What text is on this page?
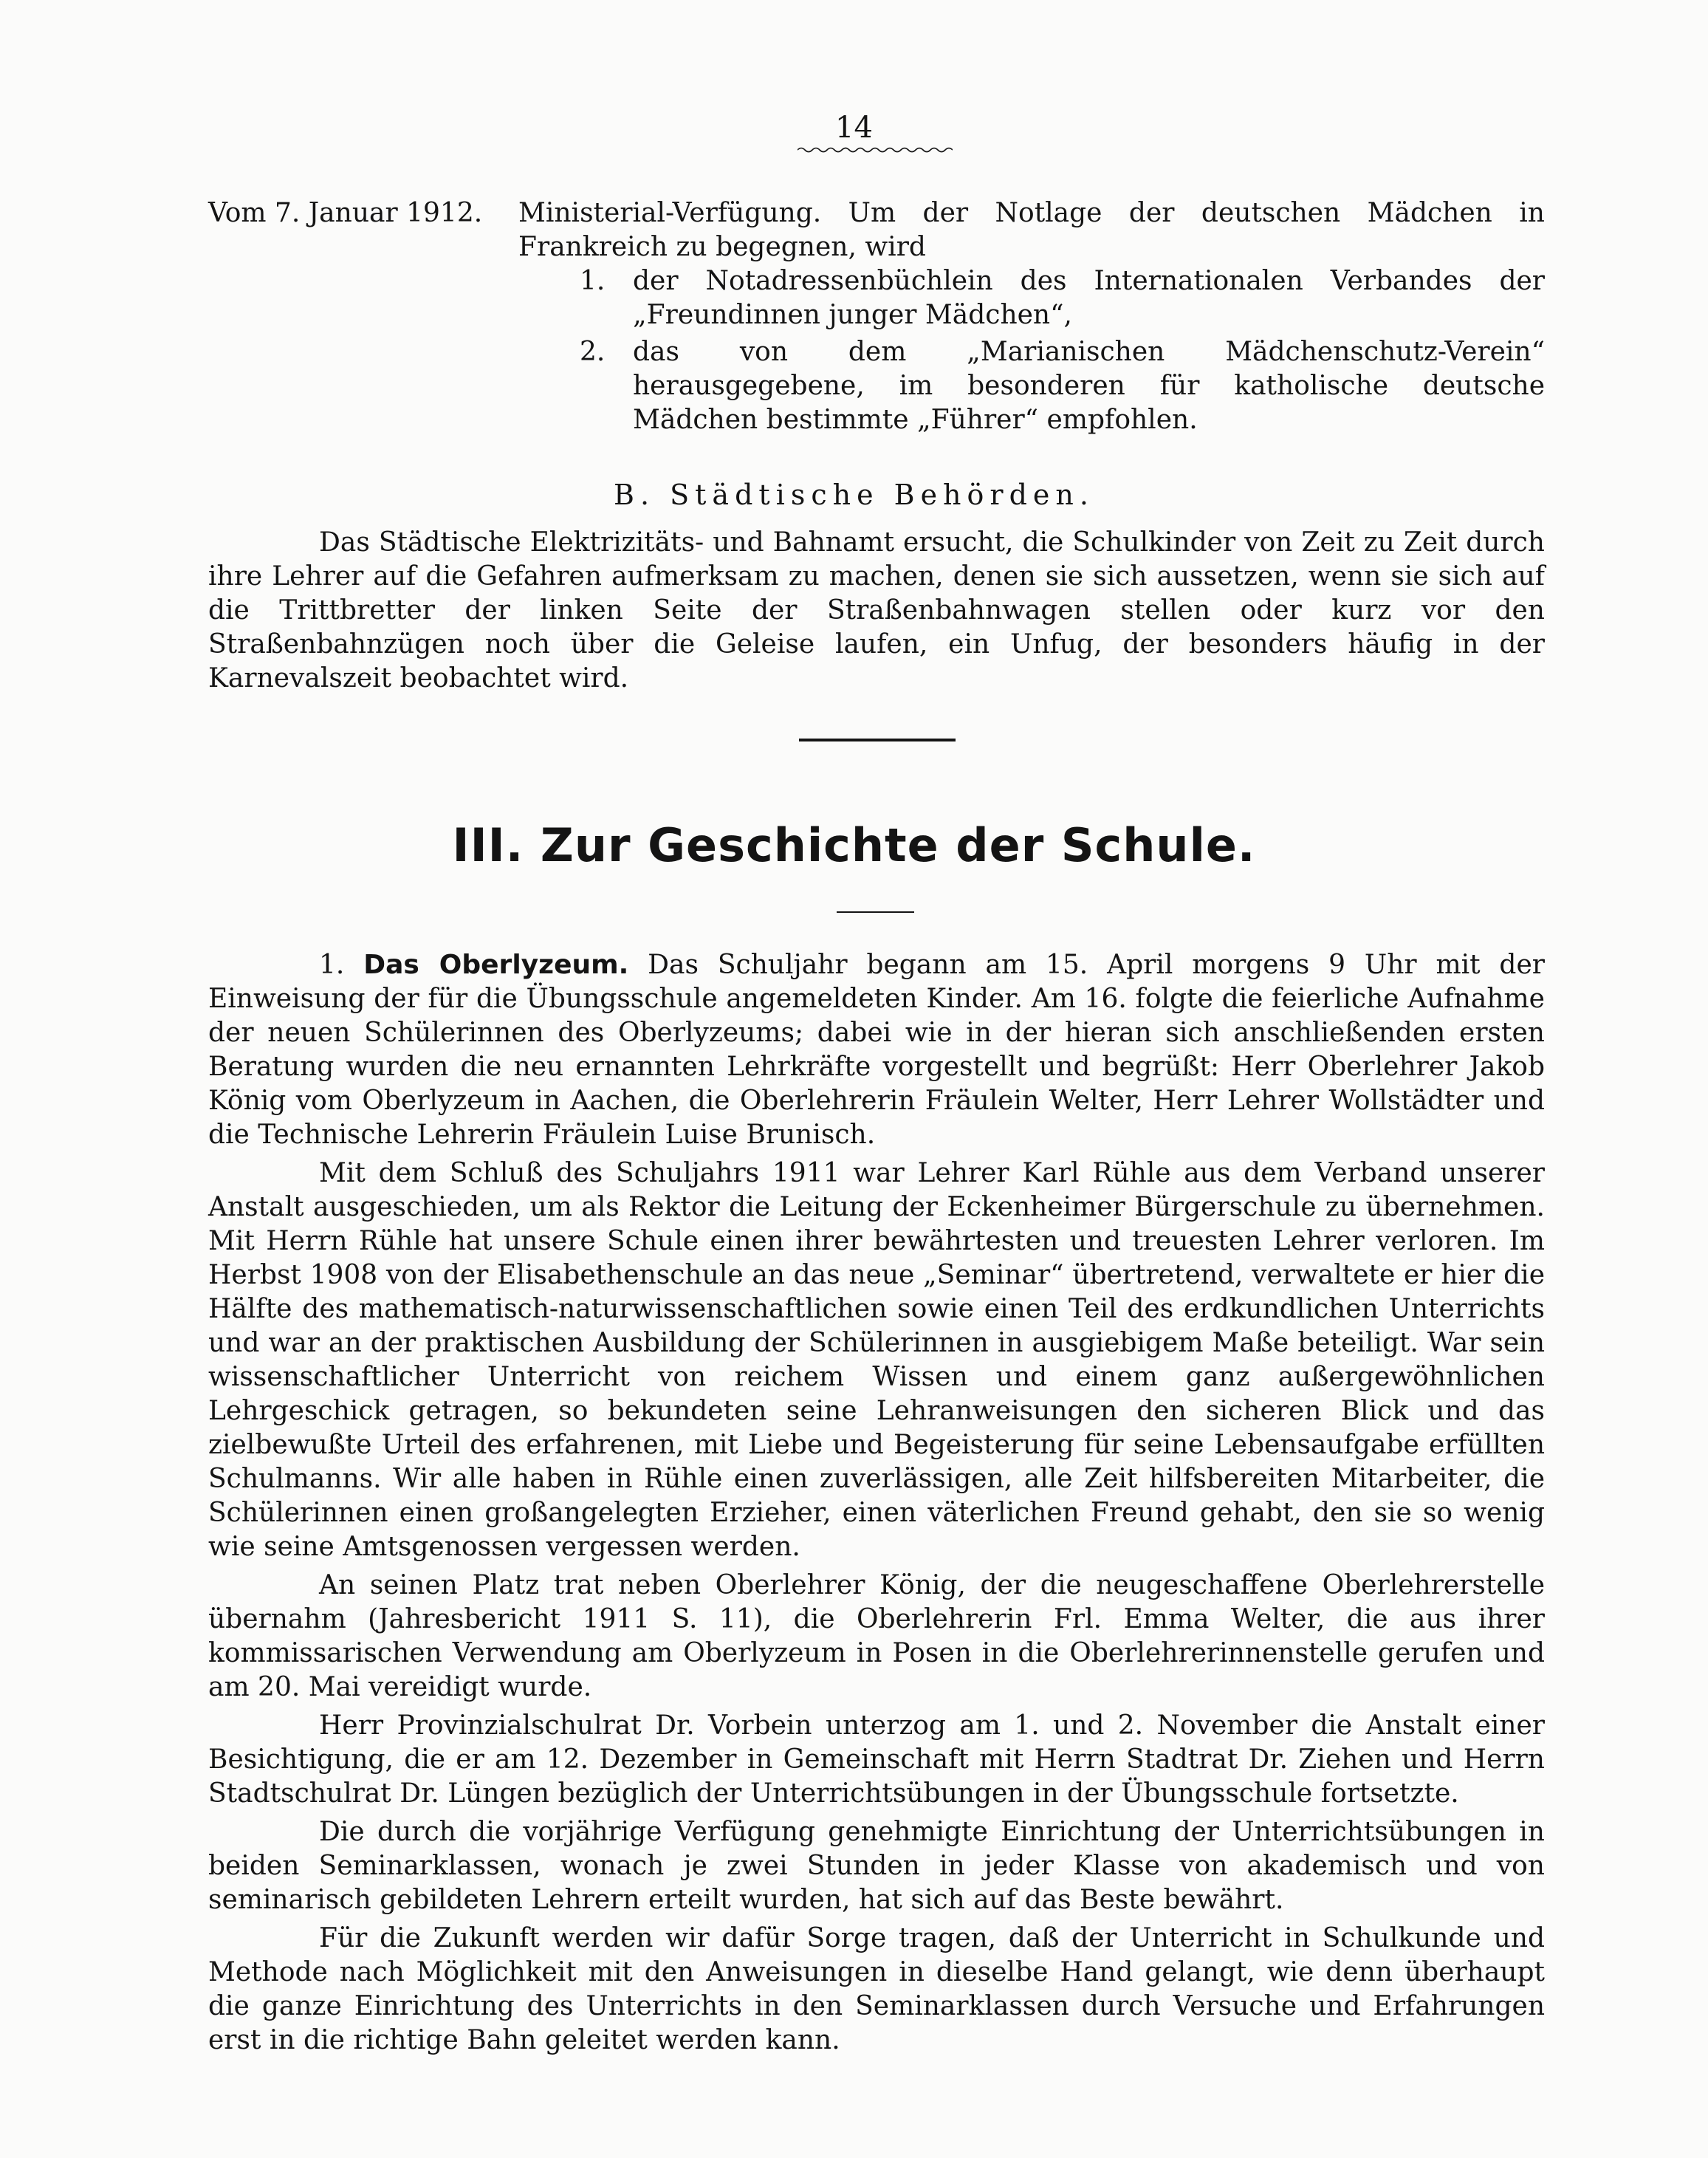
14
Vom 7. Januar 1912.	Ministerial-Verfügung. Um der Notlage der deutschen Mädchen in Frankreich zu begegnen, wird
1. der Notadressenbüchlein des Internationalen Verbandes der „Freundinnen junger Mädchen“,
2. das von dem „Marianischen Mädchenschutz-Verein“ herausgegebene, im besonderen für katholische deutsche Mädchen bestimmte „Führer“ empfohlen.
B. Städtische Behörden.
Das Städtische Elektrizitäts- und Bahnamt ersucht, die Schulkinder von Zeit zu Zeit durch ihre Lehrer auf die Gefahren aufmerksam zu machen, denen sie sich aussetzen, wenn sie sich auf die Trittbretter der linken Seite der Straßenbahnwagen stellen oder kurz vor den Straßenbahnzügen noch über die Geleise laufen, ein Unfug, der besonders häufig in der Karnevalszeit beobachtet wird.
III. Zur Geschichte der Schule.

1. Das Oberlyzeum. Das Schuljahr begann am 15. April morgens 9 Uhr mit der Einweisung der für die Übungsschule angemeldeten Kinder. Am 16. folgte die feierliche Aufnahme der neuen Schülerinnen des Oberlyzeums; dabei wie in der hieran sich anschließenden ersten Beratung wurden die neu ernannten Lehrkräfte vorgestellt und begrüßt: Herr Oberlehrer Jakob König vom Oberlyzeum in Aachen, die Oberlehrerin Fräulein Welter, Herr Lehrer Wollstädter und die Technische Lehrerin Fräulein Luise Brunisch.

Mit dem Schluß des Schuljahrs 1911 war Lehrer Karl Rühle aus dem Verband unserer Anstalt ausgeschieden, um als Rektor die Leitung der Eckenheimer Bürgerschule zu übernehmen. Mit Herrn Rühle hat unsere Schule einen ihrer bewährtesten und treuesten Lehrer verloren. Im Herbst 1908 von der Elisabethenschule an das neue „Seminar“ übertretend, verwaltete er hier die Hälfte des mathematisch-naturwissenschaftlichen sowie einen Teil des erdkundlichen Unterrichts und war an der praktischen Ausbildung der Schülerinnen in ausgiebigem Maße beteiligt. War sein wissenschaftlicher Unterricht von reichem Wissen und einem ganz außergewöhnlichen Lehrgeschick getragen, so bekundeten seine Lehranweisungen den sicheren Blick und das zielbewußte Urteil des erfahrenen, mit Liebe und Begeisterung für seine Lebensaufgabe erfüllten Schulmanns. Wir alle haben in Rühle einen zuverlässigen, alle Zeit hilfsbereiten Mitarbeiter, die Schülerinnen einen großangelegten Erzieher, einen väterlichen Freund gehabt, den sie so wenig wie seine Amtsgenossen vergessen werden.

An seinen Platz trat neben Oberlehrer König, der die neugeschaffene Oberlehrerstelle übernahm (Jahresbericht 1911 S. 11), die Oberlehrerin Frl. Emma Welter, die aus ihrer kommissarischen Verwendung am Oberlyzeum in Posen in die Oberlehrerinnenstelle gerufen und am 20. Mai vereidigt wurde.

Herr Provinzialschulrat Dr. Vorbein unterzog am 1. und 2. November die Anstalt einer Besichtigung, die er am 12. Dezember in Gemeinschaft mit Herrn Stadtrat Dr. Ziehen und Herrn Stadtschulrat Dr. Lüngen bezüglich der Unterrichtsübungen in der Übungsschule fortsetzte.

Die durch die vorjährige Verfügung genehmigte Einrichtung der Unterrichtsübungen in beiden Seminarklassen, wonach je zwei Stunden in jeder Klasse von akademisch und von seminarisch gebildeten Lehrern erteilt wurden, hat sich auf das Beste bewährt.

Für die Zukunft werden wir dafür Sorge tragen, daß der Unterricht in Schulkunde und Methode nach Möglichkeit mit den Anweisungen in dieselbe Hand gelangt, wie denn überhaupt die ganze Einrichtung des Unterrichts in den Seminarklassen durch Versuche und Erfahrungen erst in die richtige Bahn geleitet werden kann.
